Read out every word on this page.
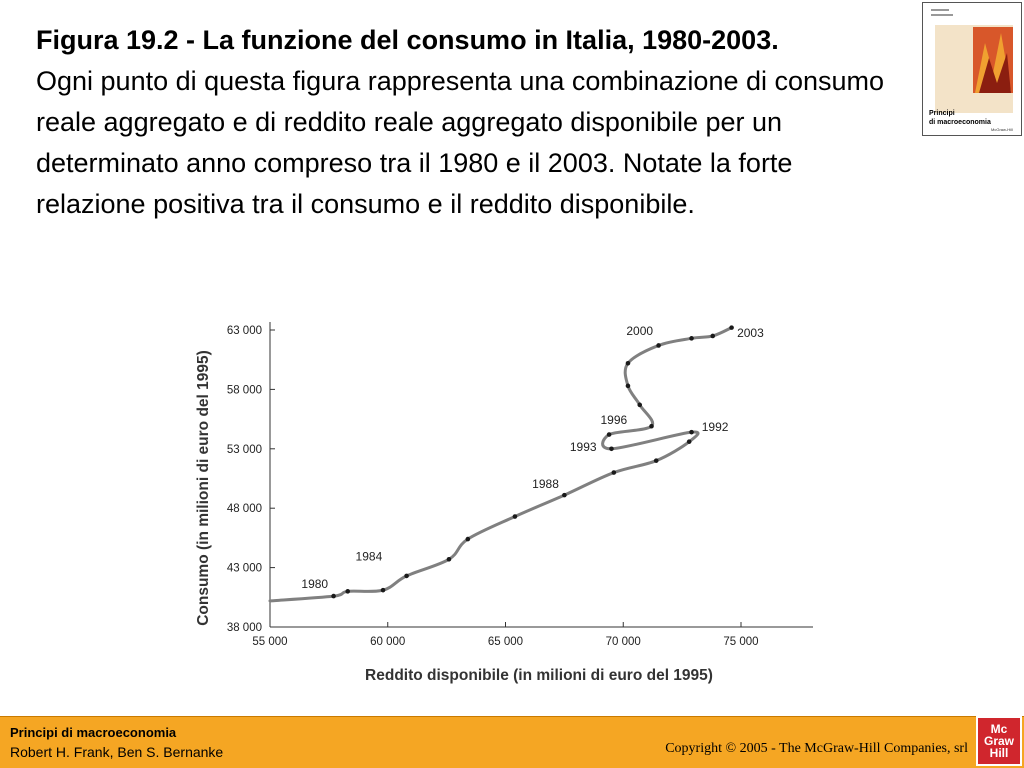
Figura 19.2 - La funzione del consumo in Italia, 1980-2003.
Ogni punto di questa figura rappresenta una combinazione di consumo reale aggregato e di reddito reale aggregato disponibile per un determinato anno compreso tra il 1980 e il 2003. Notate la forte relazione positiva tra il consumo e il reddito disponibile.
Principi
di macroeconomia
McGraw-Hill
38 000
43 000
48 000
53 000
58 000
63 000
55 000	60 000	65 000	70 000	75 000
Consumo (in milioni di euro del 1995)
Reddito disponibile (in milioni di euro del 1995)
1980
1984
1988
1992
1993
1996
2000	2003
Principi di macroeconomia
Robert H. Frank, Ben S. Bernanke	Copyright © 2005 - The McGraw-Hill Companies, srl
Mc
Graw
Hill
